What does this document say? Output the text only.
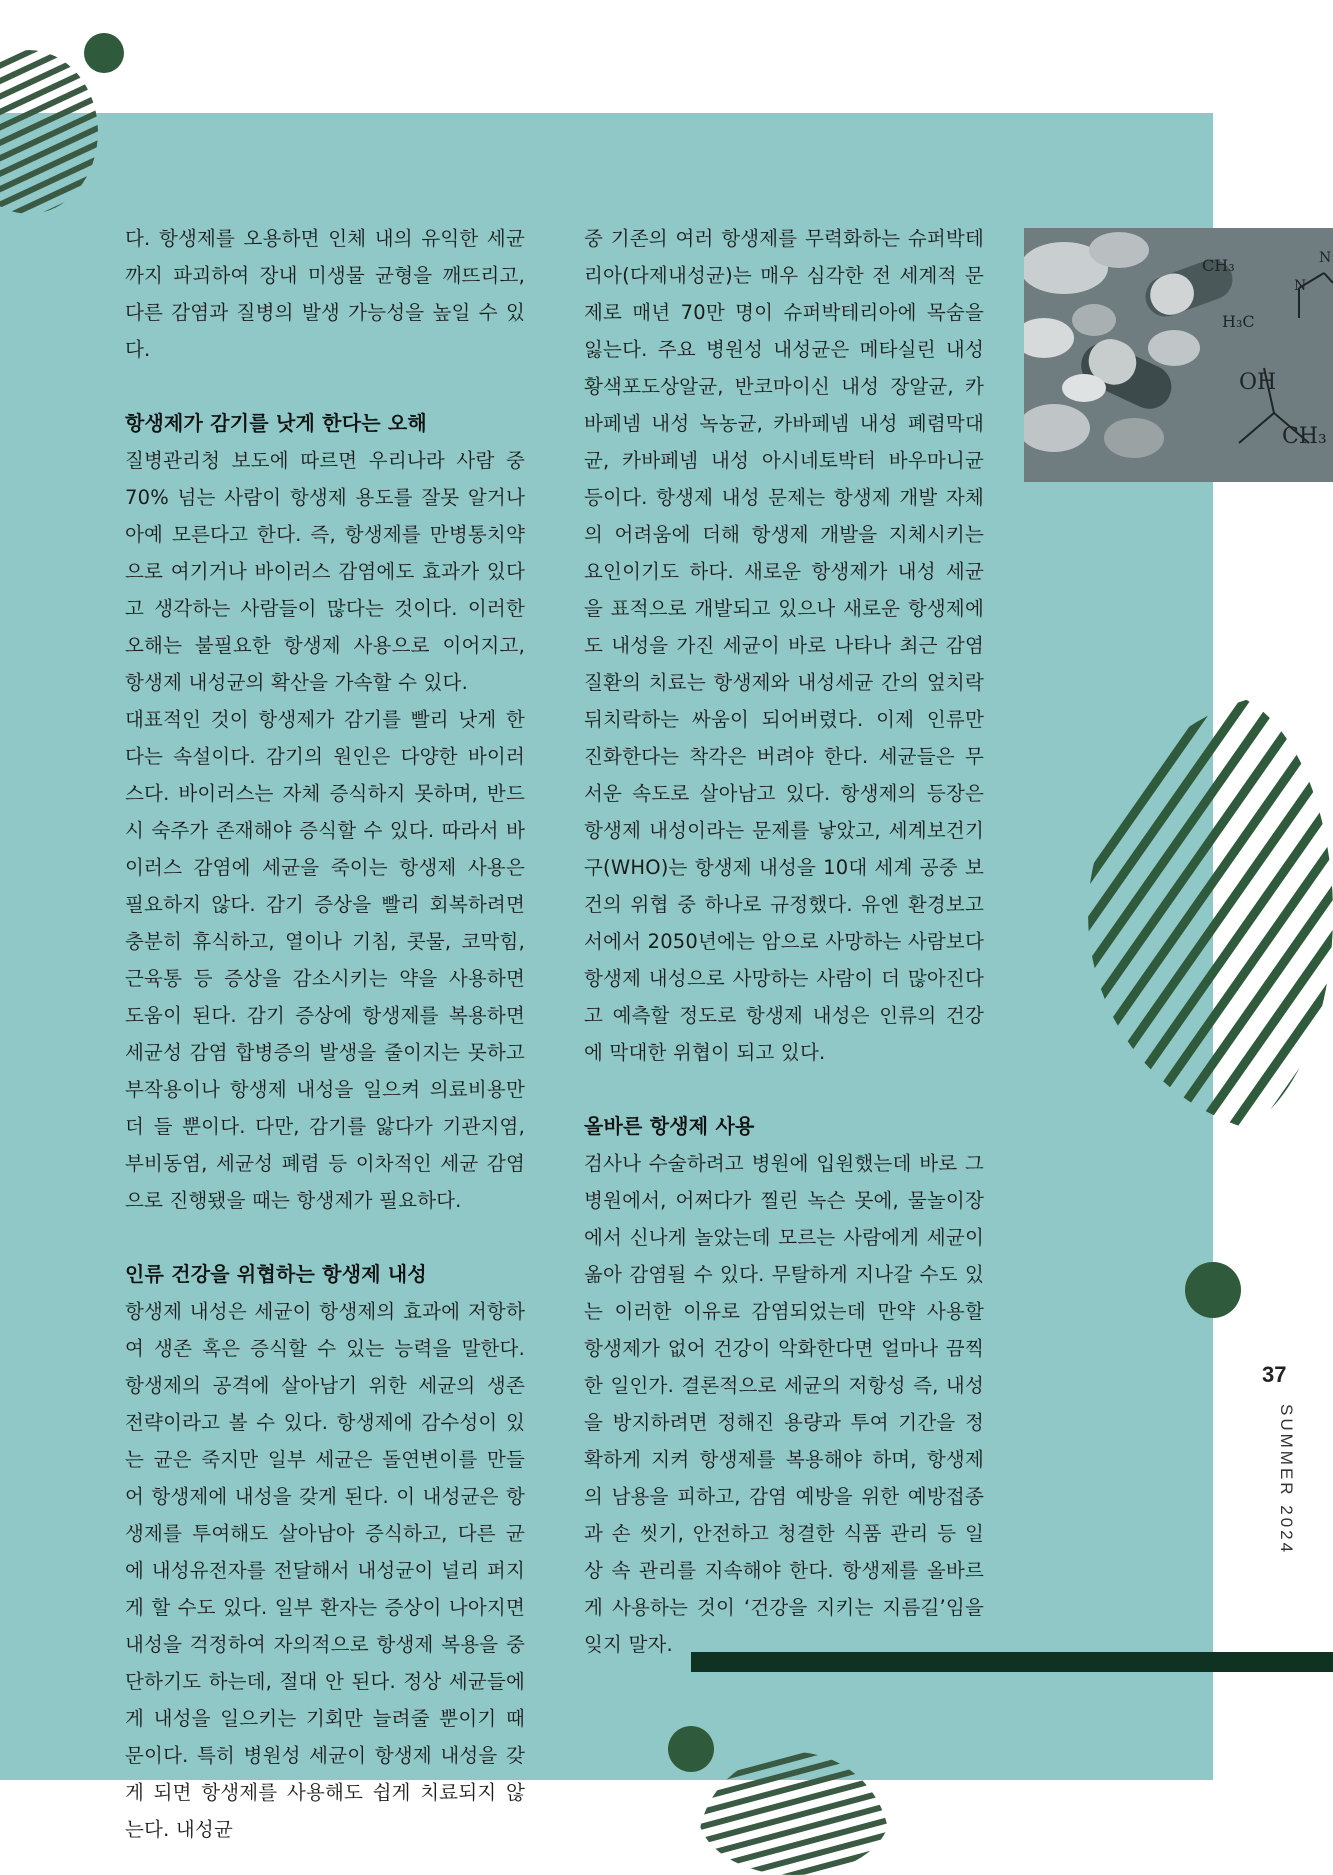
다. 항생제를 오용하면 인체 내의 유익한 세균까지 파괴하여 장내 미생물 균형을 깨뜨리고, 다른 감염과 질병의 발생 가능성을 높일 수 있다.

항생제가 감기를 낫게 한다는 오해

질병관리청 보도에 따르면 우리나라 사람 중 70% 넘는 사람이 항생제 용도를 잘못 알거나 아예 모른다고 한다. 즉, 항생제를 만병통치약으로 여기거나 바이러스 감염에도 효과가 있다고 생각하는 사람들이 많다는 것이다. 이러한 오해는 불필요한 항생제 사용으로 이어지고, 항생제 내성균의 확산을 가속할 수 있다.

대표적인 것이 항생제가 감기를 빨리 낫게 한다는 속설이다. 감기의 원인은 다양한 바이러스다. 바이러스는 자체 증식하지 못하며, 반드시 숙주가 존재해야 증식할 수 있다. 따라서 바이러스 감염에 세균을 죽이는 항생제 사용은 필요하지 않다. 감기 증상을 빨리 회복하려면 충분히 휴식하고, 열이나 기침, 콧물, 코막힘, 근육통 등 증상을 감소시키는 약을 사용하면 도움이 된다. 감기 증상에 항생제를 복용하면 세균성 감염 합병증의 발생을 줄이지는 못하고 부작용이나 항생제 내성을 일으켜 의료비용만 더 들 뿐이다. 다만, 감기를 앓다가 기관지염, 부비동염, 세균성 폐렴 등 이차적인 세균 감염으로 진행됐을 때는 항생제가 필요하다.

인류 건강을 위협하는 항생제 내성

항생제 내성은 세균이 항생제의 효과에 저항하여 생존 혹은 증식할 수 있는 능력을 말한다. 항생제의 공격에 살아남기 위한 세균의 생존 전략이라고 볼 수 있다. 항생제에 감수성이 있는 균은 죽지만 일부 세균은 돌연변이를 만들어 항생제에 내성을 갖게 된다. 이 내성균은 항생제를 투여해도 살아남아 증식하고, 다른 균에 내성유전자를 전달해서 내성균이 널리 퍼지게 할 수도 있다. 일부 환자는 증상이 나아지면 내성을 걱정하여 자의적으로 항생제 복용을 중단하기도 하는데, 절대 안 된다. 정상 세균들에게 내성을 일으키는 기회만 늘려줄 뿐이기 때문이다. 특히 병원성 세균이 항생제 내성을 갖게 되면 항생제를 사용해도 쉽게 치료되지 않는다. 내성균

중 기존의 여러 항생제를 무력화하는 슈퍼박테리아(다제내성균)는 매우 심각한 전 세계적 문제로 매년 70만 명이 슈퍼박테리아에 목숨을 잃는다. 주요 병원성 내성균은 메타실린 내성 황색포도상알균, 반코마이신 내성 장알균, 카바페넴 내성 녹농균, 카바페넴 내성 폐렴막대균, 카바페넴 내성 아시네토박터 바우마니균 등이다. 항생제 내성 문제는 항생제 개발 자체의 어려움에 더해 항생제 개발을 지체시키는 요인이기도 하다. 새로운 항생제가 내성 세균을 표적으로 개발되고 있으나 새로운 항생제에도 내성을 가진 세균이 바로 나타나 최근 감염질환의 치료는 항생제와 내성세균 간의 엎치락뒤치락하는 싸움이 되어버렸다. 이제 인류만 진화한다는 착각은 버려야 한다. 세균들은 무서운 속도로 살아남고 있다. 항생제의 등장은 항생제 내성이라는 문제를 낳았고, 세계보건기구(WHO)는 항생제 내성을 10대 세계 공중 보건의 위협 중 하나로 규정했다. 유엔 환경보고서에서 2050년에는 암으로 사망하는 사람보다 항생제 내성으로 사망하는 사람이 더 많아진다고 예측할 정도로 항생제 내성은 인류의 건강에 막대한 위협이 되고 있다.

올바른 항생제 사용

검사나 수술하려고 병원에 입원했는데 바로 그 병원에서, 어쩌다가 찔린 녹슨 못에, 물놀이장에서 신나게 놀았는데 모르는 사람에게 세균이 옮아 감염될 수 있다. 무탈하게 지나갈 수도 있는 이러한 이유로 감염되었는데 만약 사용할 항생제가 없어 건강이 악화한다면 얼마나 끔찍한 일인가. 결론적으로 세균의 저항성 즉, 내성을 방지하려면 정해진 용량과 투여 기간을 정확하게 지켜 항생제를 복용해야 하며, 항생제의 남용을 피하고, 감염 예방을 위한 예방접종과 손 씻기, 안전하고 청결한 식품 관리 등 일상 속 관리를 지속해야 한다. 항생제를 올바르게 사용하는 것이 ‘건강을 지키는 지름길’임을 잊지 말자.

CH₃
H₃C
OH
CH₃
N
N
37
SUMMER 2024
